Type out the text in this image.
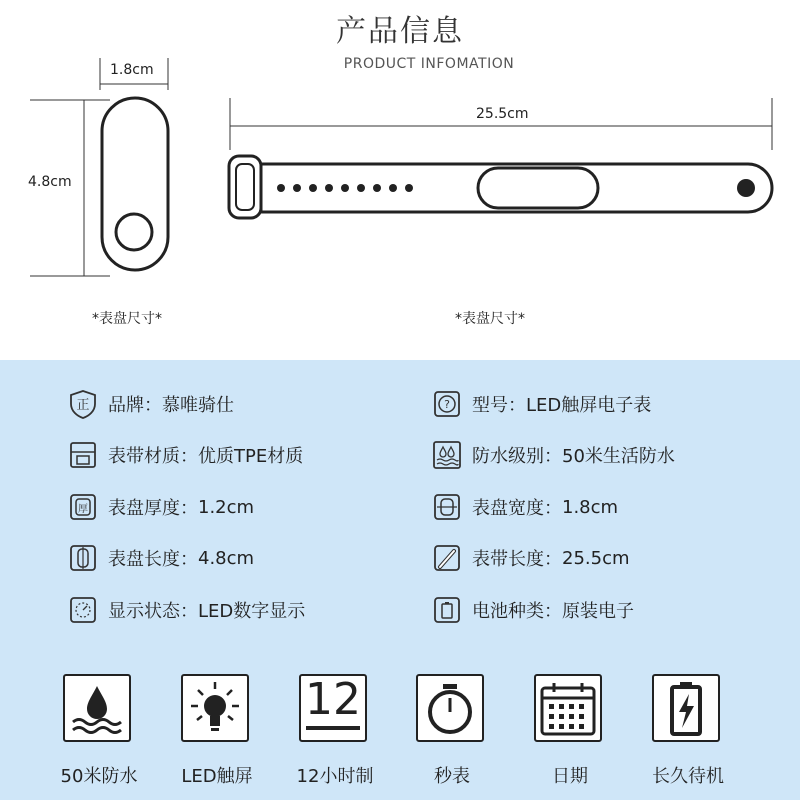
产品信息
PRODUCT INFOMATION
1.8cm
4.8cm
25.5cm
*表盘尺寸*	*表盘尺寸*
正 品牌： 慕唯骑仕	? 型号： LED触屏电子表
表带材质： 优质TPE材质	防水级别： 50米生活防水
厚 表盘厚度： 1.2cm	表盘宽度： 1.8cm
表盘长度： 4.8cm	表带长度： 25.5cm
显示状态： LED数字显示	电池种类： 原装电子
12
50米防水	LED触屏	12小时制	秒表	日期	长久待机
